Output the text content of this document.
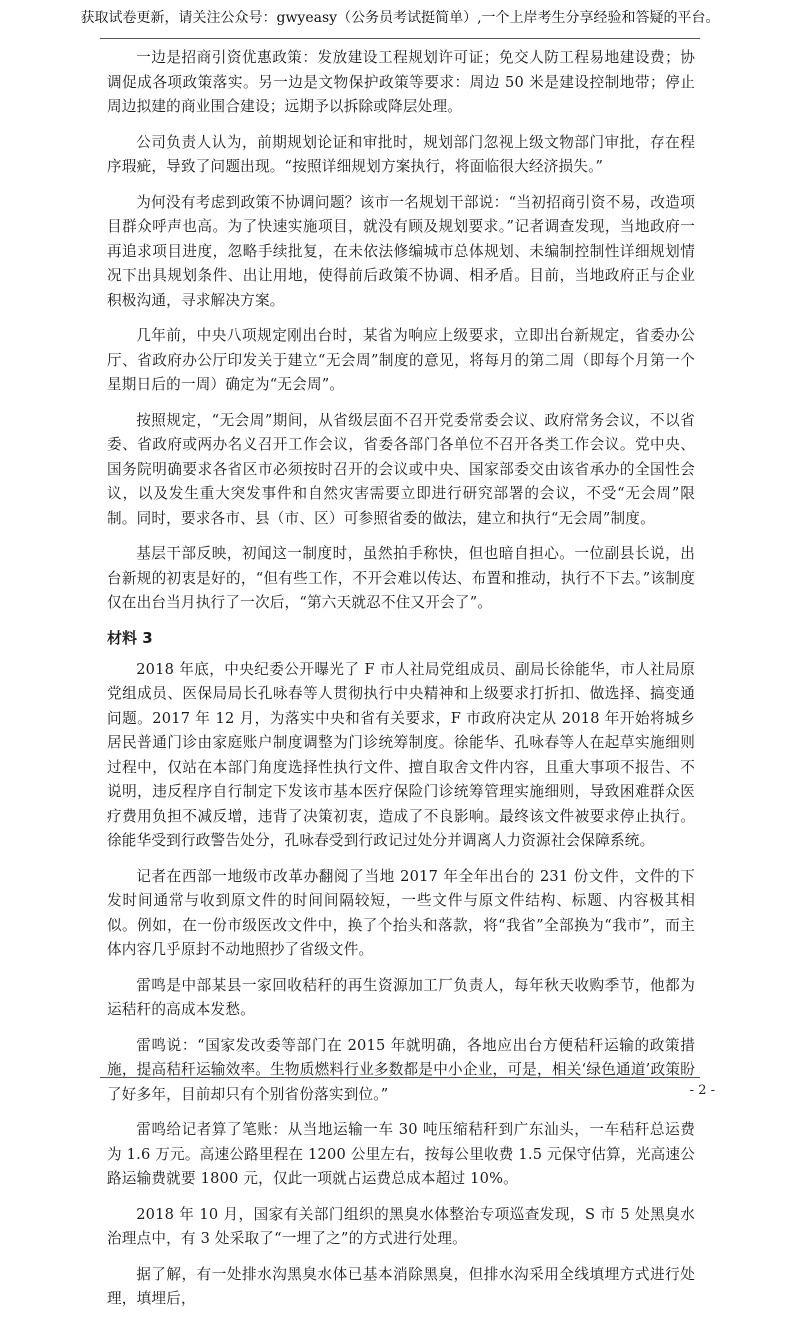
获取试卷更新，请关注公众号：gwyeasy（公务员考试挺简单）,一个上岸考生分享经验和答疑的平台。

一边是招商引资优惠政策：发放建设工程规划许可证；免交人防工程易地建设费；协调促成各项政策落实。另一边是文物保护政策等要求：周边 50 米是建设控制地带；停止周边拟建的商业围合建设；远期予以拆除或降层处理。

公司负责人认为，前期规划论证和审批时，规划部门忽视上级文物部门审批，存在程序瑕疵，导致了问题出现。“按照详细规划方案执行，将面临很大经济损失。”

为何没有考虑到政策不协调问题？该市一名规划干部说：“当初招商引资不易，改造项目群众呼声也高。为了快速实施项目，就没有顾及规划要求。”记者调查发现，当地政府一再追求项目进度，忽略手续批复，在未依法修编城市总体规划、未编制控制性详细规划情况下出具规划条件、出让用地，使得前后政策不协调、相矛盾。目前，当地政府正与企业积极沟通，寻求解决方案。

几年前，中央八项规定刚出台时，某省为响应上级要求，立即出台新规定，省委办公厅、省政府办公厅印发关于建立“无会周”制度的意见，将每月的第二周（即每个月第一个星期日后的一周）确定为“无会周”。

按照规定，“无会周”期间，从省级层面不召开党委常委会议、政府常务会议，不以省委、省政府或两办名义召开工作会议，省委各部门各单位不召开各类工作会议。党中央、国务院明确要求各省区市必须按时召开的会议或中央、国家部委交由该省承办的全国性会议，以及发生重大突发事件和自然灾害需要立即进行研究部署的会议，不受“无会周”限制。同时，要求各市、县（市、区）可参照省委的做法，建立和执行“无会周”制度。

基层干部反映，初闻这一制度时，虽然拍手称快，但也暗自担心。一位副县长说，出台新规的初衷是好的，“但有些工作，不开会难以传达、布置和推动，执行不下去。”该制度仅在出台当月执行了一次后，“第六天就忍不住又开会了”。

材料 3

2018 年底，中央纪委公开曝光了 F 市人社局党组成员、副局长徐能华，市人社局原党组成员、医保局局长孔咏春等人贯彻执行中央精神和上级要求打折扣、做选择、搞变通问题。2017 年 12 月，为落实中央和省有关要求，F 市政府决定从 2018 年开始将城乡居民普通门诊由家庭账户制度调整为门诊统筹制度。徐能华、孔咏春等人在起草实施细则过程中，仅站在本部门角度选择性执行文件、擅自取舍文件内容，且重大事项不报告、不说明，违反程序自行制定下发该市基本医疗保险门诊统筹管理实施细则，导致困难群众医疗费用负担不减反增，违背了决策初衷，造成了不良影响。最终该文件被要求停止执行。徐能华受到行政警告处分，孔咏春受到行政记过处分并调离人力资源社会保障系统。

记者在西部一地级市改革办翻阅了当地 2017 年全年出台的 231 份文件，文件的下发时间通常与收到原文件的时间间隔较短，一些文件与原文件结构、标题、内容极其相似。例如，在一份市级医改文件中，换了个抬头和落款，将“我省”全部换为“我市”，而主体内容几乎原封不动地照抄了省级文件。

雷鸣是中部某县一家回收秸秆的再生资源加工厂负责人，每年秋天收购季节，他都为运秸秆的高成本发愁。

雷鸣说：“国家发改委等部门在 2015 年就明确，各地应出台方便秸秆运输的政策措施，提高秸秆运输效率。生物质燃料行业多数都是中小企业，可是，相关‘绿色通道’政策盼了好多年，目前却只有个别省份落实到位。”

雷鸣给记者算了笔账：从当地运输一车 30 吨压缩秸秆到广东汕头，一车秸秆总运费为 1.6 万元。高速公路里程在 1200 公里左右，按每公里收费 1.5 元保守估算，光高速公路运输费就要 1800 元，仅此一项就占运费总成本超过 10%。

2018 年 10 月，国家有关部门组织的黑臭水体整治专项巡查发现，S 市 5 处黑臭水治理点中，有 3 处采取了“一埋了之”的方式进行处理。

据了解，有一处排水沟黑臭水体已基本消除黑臭，但排水沟采用全线填埋方式进行处理，填埋后，

- 2 -
